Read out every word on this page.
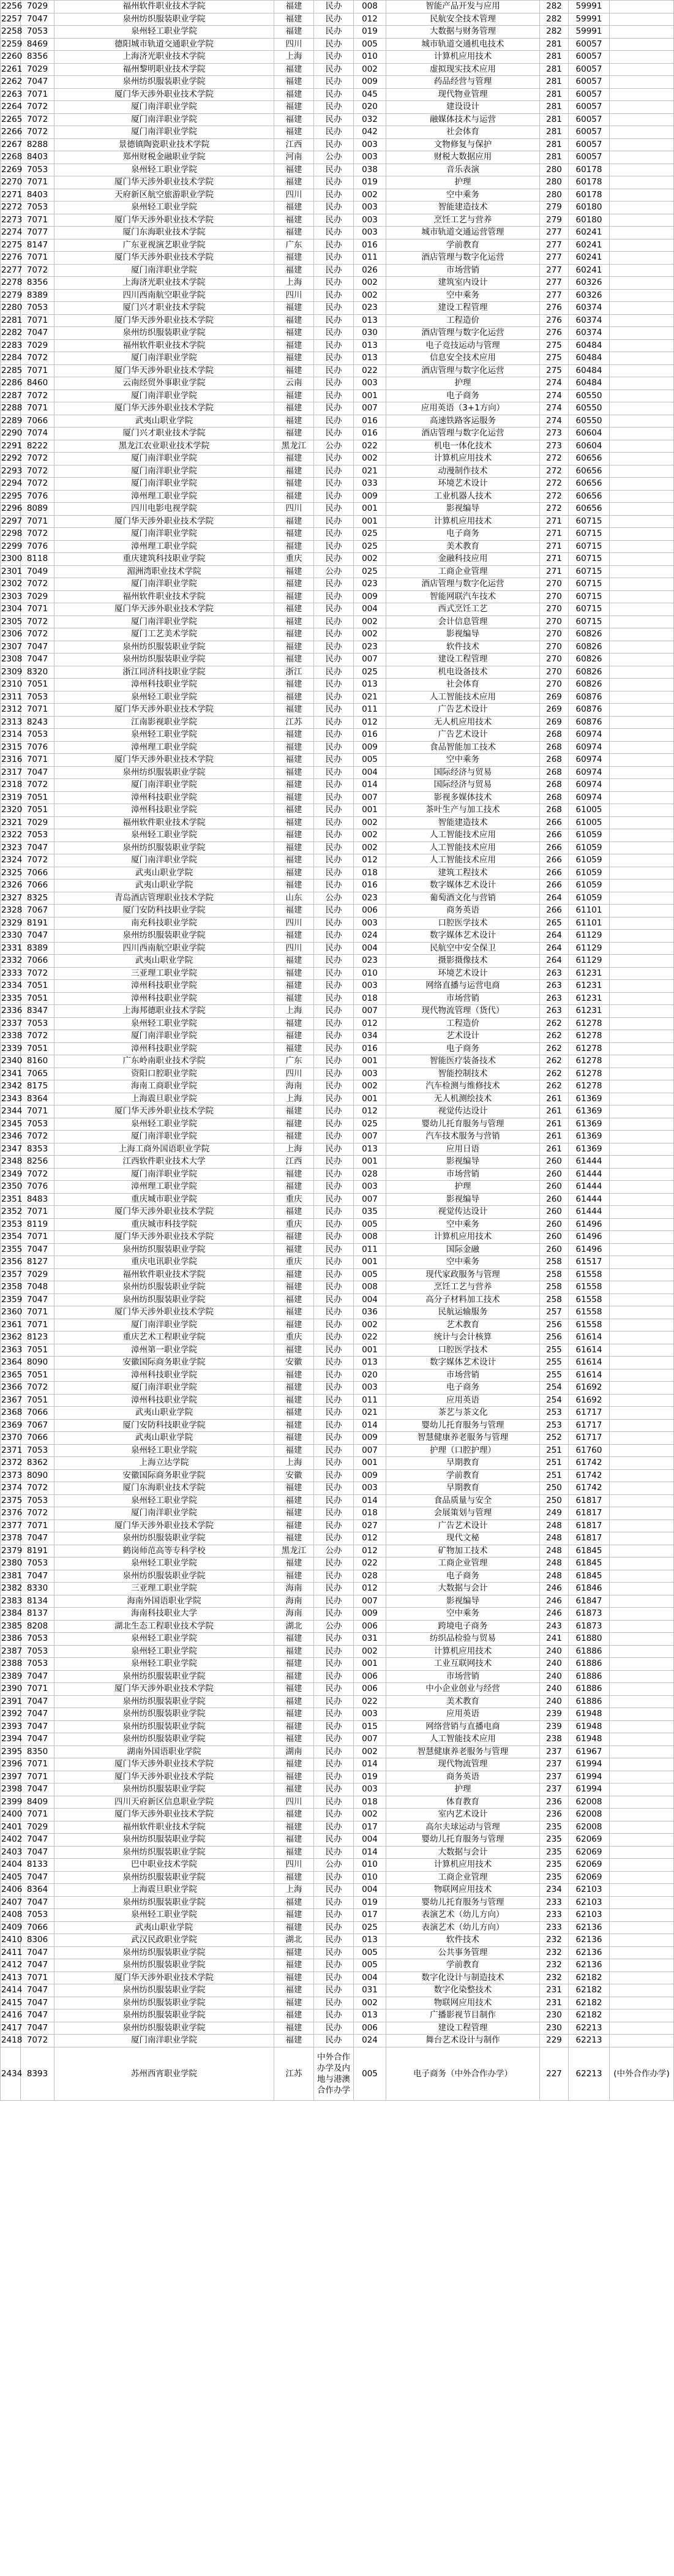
2256	7029	福州软件职业技术学院	福建	民办	008	智能产品开发与应用	282	59991	
2257	7047	泉州纺织服装职业学院	福建	民办	012	民航安全技术管理	282	59991	
2258	7053	泉州轻工职业学院	福建	民办	019	大数据与财务管理	282	59991	
2259	8469	德阳城市轨道交通职业学院	四川	民办	005	城市轨道交通机电技术	281	60057	
2260	8356	上海济光职业技术学院	上海	民办	010	计算机应用技术	281	60057	
2261	7029	福州黎明职业技术学院	福建	民办	002	虚拟现实技术应用	281	60057	
2262	7047	泉州纺织服装职业学院	福建	民办	009	药品经营与管理	281	60057	
2263	7071	厦门华天涉外职业技术学院	福建	民办	045	现代物业管理	281	60057	
2264	7072	厦门南洋职业学院	福建	民办	020	建设设计	281	60057	
2265	7072	厦门南洋职业学院	福建	民办	032	融媒体技术与运营	281	60057	
2266	7072	厦门南洋职业学院	福建	民办	042	社会体育	281	60057	
2267	8288	景德镇陶瓷职业技术学院	江西	民办	003	文物修复与保护	281	60057	
2268	8403	郑州财税金融职业学院	河南	公办	003	财税大数据应用	281	60057	
2269	7053	泉州轻工职业学院	福建	民办	038	音乐表演	280	60178	
2270	7071	厦门华天涉外职业技术学院	福建	民办	019	护理	280	60178	
2271	8403	天府新区航空旅游职业学院	四川	民办	002	空中乘务	280	60178	
2272	7053	泉州轻工职业学院	福建	民办	003	智能建造技术	279	60180	
2273	7071	厦门华天涉外职业技术学院	福建	民办	003	烹饪工艺与营养	279	60180	
2274	7077	厦门东海职业技术学院	福建	民办	003	城市轨道交通运营管理	277	60241	
2275	8147	广东亚视演艺职业学院	广东	民办	016	学前教育	277	60241	
2276	7071	厦门华天涉外职业技术学院	福建	民办	011	酒店管理与数字化运营	277	60241	
2277	7072	厦门南洋职业学院	福建	民办	026	市场营销	277	60241	
2278	8356	上海济光职业技术学院	上海	民办	002	建筑室内设计	277	60326	
2279	8389	四川西南航空职业学院	四川	民办	002	空中乘务	277	60326	
2280	7053	厦门兴才职业技术学院	福建	民办	023	建设工程管理	276	60374	
2281	7071	厦门华天涉外职业技术学院	福建	民办	013	工程造价	276	60374	
2282	7047	泉州纺织服装职业学院	福建	民办	030	酒店管理与数字化运营	276	60374	
2283	7029	福州软件职业技术学院	福建	民办	013	电子竞技运动与管理	275	60484	
2284	7072	厦门南洋职业学院	福建	民办	013	信息安全技术应用	275	60484	
2285	7071	厦门华天涉外职业技术学院	福建	民办	022	酒店管理与数字化运营	275	60484	
2286	8460	云南经贸外事职业学院	云南	民办	003	护理	274	60484	
2287	7072	厦门南洋职业学院	福建	民办	001	电子商务	274	60550	
2288	7071	厦门华天涉外职业技术学院	福建	民办	007	应用英语（3+1方向）	274	60550	
2289	7066	武夷山职业学院	福建	民办	016	高速铁路客运服务	274	60550	
2290	7074	厦门兴才职业技术学院	福建	民办	016	酒店管理与数字化运营	273	60604	
2291	8222	黑龙江农业职业技术学院	黑龙江	公办	022	机电一体化技术	273	60604	
2292	7072	厦门南洋职业学院	福建	民办	002	计算机应用技术	272	60656	
2293	7072	厦门南洋职业学院	福建	民办	021	动漫制作技术	272	60656	
2294	7072	厦门南洋职业学院	福建	民办	033	环境艺术设计	272	60656	
2295	7076	漳州理工职业学院	福建	民办	009	工业机器人技术	272	60656	
2296	8089	四川电影电视学院	四川	民办	001	影视编导	272	60656	
2297	7071	厦门华天涉外职业技术学院	福建	民办	001	计算机应用技术	271	60715	
2298	7072	厦门南洋职业学院	福建	民办	025	电子商务	271	60715	
2299	7076	漳州理工职业学院	福建	民办	025	美术教育	271	60715	
2300	8118	重庆建筑科技职业学院	重庆	民办	002	金融科技应用	271	60715	
2301	7049	湄洲湾职业技术学院	福建	公办	025	工商企业管理	271	60715	
2302	7072	厦门南洋职业学院	福建	民办	023	酒店管理与数字化运营	270	60715	
2303	7029	福州软件职业技术学院	福建	民办	009	智能网联汽车技术	270	60715	
2304	7071	厦门华天涉外职业技术学院	福建	民办	004	西式烹饪工艺	270	60715	
2305	7072	厦门南洋职业学院	福建	民办	002	会计信息管理	270	60715	
2306	7072	厦门工艺美术学院	福建	民办	002	影视编导	270	60826	
2307	7047	泉州纺织服装职业学院	福建	民办	023	软件技术	270	60826	
2308	7047	泉州纺织服装职业学院	福建	民办	007	建设工程管理	270	60826	
2309	8320	浙江同济科技职业学院	浙江	民办	025	机电设备技术	270	60826	
2310	7051	漳州科技职业学院	福建	民办	013	社会体育	270	60826	
2311	7053	泉州轻工职业学院	福建	民办	021	人工智能技术应用	269	60876	
2312	7071	厦门华天涉外职业技术学院	福建	民办	011	广告艺术设计	269	60876	
2313	8243	江南影视职业学院	江苏	民办	012	无人机应用技术	269	60876	
2314	7053	泉州轻工职业学院	福建	民办	016	广告艺术设计	268	60974	
2315	7076	漳州理工职业学院	福建	民办	009	食品智能加工技术	268	60974	
2316	7071	厦门华天涉外职业技术学院	福建	民办	005	空中乘务	268	60974	
2317	7047	泉州纺织服装职业学院	福建	民办	004	国际经济与贸易	268	60974	
2318	7072	厦门南洋职业学院	福建	民办	014	国际经济与贸易	268	60974	
2319	7051	漳州科技职业学院	福建	民办	007	影视多媒体技术	268	60974	
2320	7051	漳州科技职业学院	福建	民办	001	茶叶生产与加工技术	268	61005	
2321	7029	福州软件职业技术学院	福建	民办	002	智能建造技术	266	61005	
2322	7053	泉州轻工职业学院	福建	民办	002	人工智能技术应用	266	61059	
2323	7047	泉州纺织服装职业学院	福建	民办	002	人工智能技术应用	266	61059	
2324	7072	厦门南洋职业学院	福建	民办	012	人工智能技术应用	266	61059	
2325	7066	武夷山职业学院	福建	民办	018	建筑工程技术	266	61059	
2326	7066	武夷山职业学院	福建	民办	016	数字媒体艺术设计	266	61059	
2327	8325	青岛酒店管理职业技术学院	山东	公办	023	葡萄酒文化与营销	264	61059	
2328	7067	厦门安防科技职业学院	福建	民办	006	商务英语	266	61101	
2329	8191	南充科技职业学院	四川	民办	003	口腔医学技术	265	61101	
2330	7047	泉州纺织服装职业学院	福建	民办	024	数字媒体艺术设计	264	61129	
2331	8389	四川西南航空职业学院	四川	民办	004	民航空中安全保卫	264	61129	
2332	7066	武夷山职业学院	福建	民办	023	摄影摄像技术	264	61129	
2333	7072	三亚理工职业学院	福建	民办	010	环境艺术设计	263	61231	
2334	7051	漳州科技职业学院	福建	民办	003	网络直播与运营电商	263	61231	
2335	7051	漳州科技职业学院	福建	民办	018	市场营销	263	61231	
2336	8347	上海邦德职业技术学院	上海	民办	007	现代物流管理（货代）	263	61231	
2337	7053	泉州轻工职业学院	福建	民办	012	工程造价	262	61278	
2338	7072	厦门南洋职业学院	福建	民办	034	艺术设计	262	61278	
2339	7051	漳州科技职业学院	福建	民办	016	电子商务	262	61278	
2340	8160	广东岭南职业技术学院	广东	民办	001	智能医疗装备技术	262	61278	
2341	7065	资阳口腔职业学院	四川	民办	003	智能控制技术	262	61278	
2342	8175	海南工商职业学院	海南	民办	002	汽车检测与维修技术	262	61278	
2343	8364	上海震旦职业学院	上海	民办	001	无人机测绘技术	261	61369	
2344	7071	厦门华天涉外职业技术学院	福建	民办	012	视觉传达设计	261	61369	
2345	7053	泉州轻工职业学院	福建	民办	025	婴幼儿托育服务与管理	261	61369	
2346	7072	厦门南洋职业学院	福建	民办	007	汽车技术服务与营销	261	61369	
2347	8353	上海工商外国语职业学院	上海	民办	013	应用日语	261	61369	
2348	8256	江西软件职业技术大学	江西	民办	001	影视编导	260	61444	
2349	7072	厦门南洋职业学院	福建	民办	028	市场营销	260	61444	
2350	7076	漳州理工职业学院	福建	民办	003	护理	260	61444	
2351	8483	重庆城市职业学院	重庆	民办	007	影视编导	260	61444	
2352	7071	厦门华天涉外职业技术学院	福建	民办	035	视觉传达设计	260	61444	
2353	8119	重庆城市科技学院	重庆	民办	005	空中乘务	260	61496	
2354	7071	厦门华天涉外职业技术学院	福建	民办	008	计算机应用技术	260	61496	
2355	7047	泉州纺织服装职业学院	福建	民办	011	国际金融	260	61496	
2356	8127	重庆电讯职业学院	重庆	民办	001	空中乘务	258	61517	
2357	7029	福州软件职业技术学院	福建	民办	005	现代家政服务与管理	258	61558	
2358	7048	泉州纺织服装职业学院	福建	民办	008	烹饪工艺与营养	258	61558	
2359	7047	泉州纺织服装职业学院	福建	民办	004	高分子材料加工技术	258	61558	
2360	7071	厦门华天涉外职业技术学院	福建	民办	036	民航运输服务	257	61558	
2361	7071	厦门南洋职业学院	福建	民办	002	艺术教育	256	61558	
2362	8123	重庆艺术工程职业学院	重庆	民办	022	统计与会计核算	256	61614	
2363	7051	漳州第一职业学院	福建	民办	001	口腔医学技术	255	61614	
2364	8090	安徽国际商务职业学院	安徽	民办	013	数字媒体艺术设计	255	61614	
2365	7051	漳州科技职业学院	福建	民办	020	市场营销	255	61614	
2366	7072	厦门南洋职业学院	福建	民办	003	电子商务	254	61692	
2367	7051	漳州科技职业学院	福建	民办	011	应用英语	254	61692	
2368	7066	武夷山职业学院	福建	民办	021	茶艺与茶文化	253	61717	
2369	7067	厦门安防科技职业学院	福建	民办	014	婴幼儿托育服务与管理	253	61717	
2370	7066	武夷山职业学院	福建	民办	009	智慧健康养老服务与管理	252	61717	
2371	7053	泉州轻工职业学院	福建	民办	007	护理（口腔护理）	251	61760	
2372	8362	上海立达学院	上海	民办	001	早期教育	251	61742	
2373	8090	安徽国际商务职业学院	安徽	民办	009	学前教育	251	61742	
2374	7072	厦门东海职业技术学院	福建	民办	003	早期教育	250	61742	
2375	7053	泉州轻工职业学院	福建	民办	014	食品质量与安全	250	61817	
2376	7072	厦门南洋职业学院	福建	民办	018	会展策划与管理	249	61817	
2377	7071	厦门华天涉外职业技术学院	福建	民办	027	广告艺术设计	248	61817	
2378	7047	泉州纺织服装职业学院	福建	民办	012	现代文秘	248	61817	
2379	8191	鹤岗师范高等专科学校	黑龙江	公办	012	矿物加工技术	248	61845	
2380	7053	泉州轻工职业学院	福建	民办	022	工商企业管理	248	61845	
2381	7047	泉州纺织服装职业学院	福建	民办	028	电子商务	248	61845	
2382	8330	三亚理工职业学院	海南	民办	012	大数据与会计	246	61846	
2383	8134	海南外国语职业学院	海南	民办	007	影视编导	246	61847	
2384	8137	海南科技职业大学	海南	民办	009	空中乘务	246	61873	
2385	8208	湖北生态工程职业技术学院	湖北	公办	006	跨境电子商务	243	61873	
2386	7053	泉州轻工职业学院	福建	民办	031	纺织品检验与贸易	241	61880	
2387	7053	泉州轻工职业学院	福建	民办	002	计算机应用技术	240	61886	
2388	7053	泉州轻工职业学院	福建	民办	001	工业互联网技术	240	61886	
2389	7047	泉州纺织服装职业学院	福建	民办	006	市场营销	240	61886	
2390	7071	厦门华天涉外职业技术学院	福建	民办	006	中小企业创业与经营	240	61886	
2391	7047	泉州纺织服装职业学院	福建	民办	022	美术教育	240	61886	
2392	7047	泉州纺织服装职业学院	福建	民办	003	应用英语	239	61948	
2393	7047	泉州纺织服装职业学院	福建	民办	015	网络营销与直播电商	239	61948	
2394	7047	泉州纺织服装职业学院	福建	民办	007	人工智能技术应用	238	61948	
2395	8350	湖南外国语职业学院	湖南	民办	002	智慧健康养老服务与管理	237	61967	
2396	7071	厦门华天涉外职业技术学院	福建	民办	014	现代物流管理	237	61994	
2397	7071	厦门华天涉外职业技术学院	福建	民办	019	商务英语	237	61994	
2398	7047	泉州纺织服装职业学院	福建	民办	003	护理	237	61994	
2399	8409	四川天府新区信息职业学院	四川	民办	018	体育教育	236	62008	
2400	7071	厦门华天涉外职业技术学院	福建	民办	002	室内艺术设计	236	62008	
2401	7029	福州软件职业技术学院	福建	民办	017	高尔夫球运动与管理	235	62008	
2402	7047	泉州纺织服装职业学院	福建	民办	004	婴幼儿托育服务与管理	235	62069	
2403	7047	泉州纺织服装职业学院	福建	民办	014	大数据与会计	235	62069	
2404	8133	巴中职业技术学院	四川	公办	010	计算机应用技术	235	62069	
2405	7047	泉州纺织服装职业学院	福建	民办	010	工商企业管理	235	62069	
2406	8364	上海震旦职业学院	上海	民办	004	物联网应用技术	234	62103	
2407	7047	泉州纺织服装职业学院	福建	民办	019	婴幼儿托育服务与管理	233	62103	
2408	7053	泉州轻工职业学院	福建	民办	017	表演艺术（幼儿方向）	233	62103	
2409	7066	武夷山职业学院	福建	民办	025	表演艺术（幼儿方向）	233	62136	
2410	8306	武汉民政职业学院	湖北	民办	013	软件技术	232	62136	
2411	7047	泉州纺织服装职业学院	福建	民办	005	公共事务管理	232	62136	
2412	7047	泉州纺织服装职业学院	福建	民办	005	学前教育	232	62136	
2413	7071	厦门华天涉外职业技术学院	福建	民办	004	数字化设计与制造技术	232	62182	
2414	7047	泉州纺织服装职业学院	福建	民办	031	数字化染整技术	231	62182	
2415	7047	泉州纺织服装职业学院	福建	民办	002	物联网应用技术	231	62182	
2416	7047	泉州纺织服装职业学院	福建	民办	013	广播影视节目制作	230	62182	
2417	7047	泉州纺织服装职业学院	福建	民办	006	建设工程管理	230	62213	
2418	7072	厦门南洋职业学院	福建	民办	024	舞台艺术设计与制作	229	62213	
2434	8393	苏州西宵职业学院	江苏	中外合作办学及内地与港澳合作办学	005	电子商务（中外合作办学）	227	62213	(中外合作办学)
